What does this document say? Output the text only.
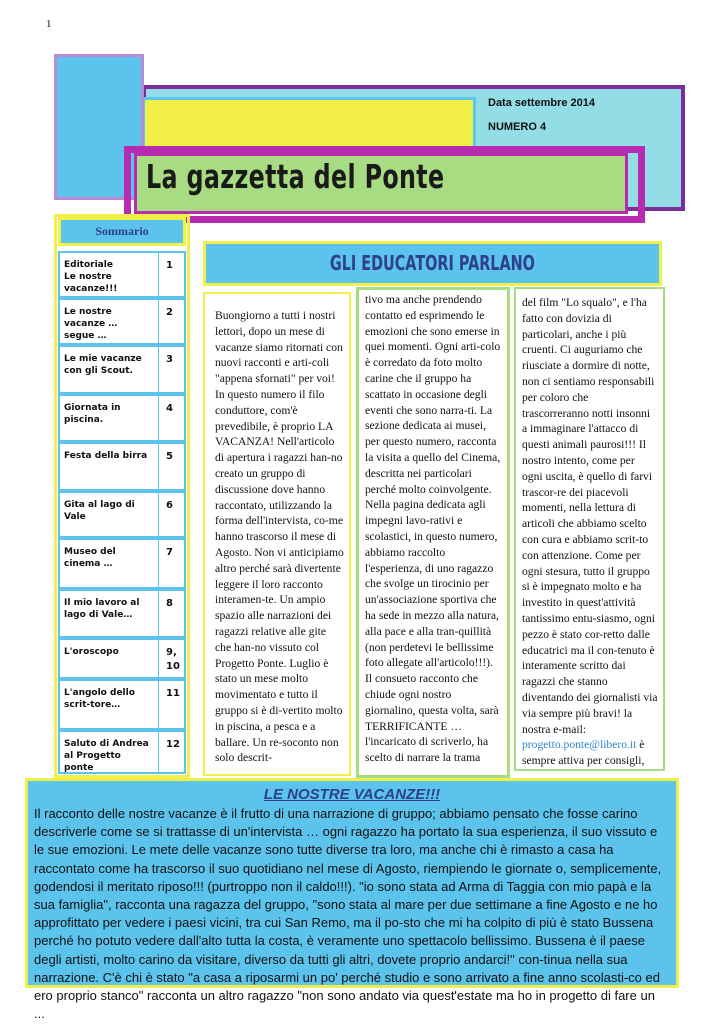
1
La gazzetta del Ponte
Data settembre 2014
NUMERO 4
Sommario
Editoriale
Le nostre vacanze!!!
1
Le nostre vacanze …
segue …
2
Le mie vacanze con gli Scout.
3
Giornata in piscina.
4
Festa della birra 5
Gita al lago di Vale
6
Museo del cinema …
7
Il mio lavoro al lago di Vale…
8
L'oroscopo	9,
10
L'angolo dello scrit-tore…
11
Saluto di Andrea al Progetto ponte
12
GLI EDUCATORI PARLANO
Buongiorno a tutti i nostri lettori, dopo un mese di vacanze siamo ritornati con nuovi racconti e arti-coli "appena sfornati" per voi! In questo numero il filo conduttore, com'è prevedibile, è proprio LA VACANZA! Nell'articolo di apertura i ragazzi han-no creato un gruppo di discussione dove hanno raccontato, utilizzando la forma dell'intervista, co-me hanno trascorso il mese di Agosto. Non vi anticipiamo altro perché sarà divertente leggere il loro racconto interamen-te. Un ampio spazio alle narrazioni dei ragazzi relative alle gite che han-no vissuto col Progetto Ponte. Luglio è stato un mese molto movimentato e tutto il gruppo si è di-vertito molto in piscina, a pesca e a ballare. Un re-soconto non solo descrit-
tivo ma anche prendendo contatto ed esprimendo le emozioni che sono emerse in quei momenti. Ogni arti-colo è corredato da foto molto carine che il gruppo ha scattato in occasione degli eventi che sono narra-ti. La sezione dedicata ai musei, per questo numero, racconta la visita a quello del Cinema, descritta nei particolari perché molto coinvolgente. Nella pagina dedicata agli impegni lavo-rativi e scolastici, in questo numero, abbiamo raccolto l'esperienza, di uno ragazzo che svolge un tirocinio per un'associazione sportiva che ha sede in mezzo alla natura, alla pace e alla tran-quillità (non perdetevi le bellissime foto allegate all'articolo!!!). Il consueto racconto che chiude ogni nostro giornalino, questa volta, sarà TERRIFICANTE … l'incaricato di scriverlo, ha scelto di narrare la trama
del film "Lo squalo", e l'ha fatto con dovizia di particolari, anche i più cruenti. Ci auguriamo che riusciate a dormire di notte, non ci sentiamo responsabili per coloro che trascorreranno notti insonni a immaginare l'attacco di questi animali paurosi!!! Il nostro intento, come per ogni uscita, è quello di farvi trascor-re dei piacevoli momenti, nella lettura di articoli che abbiamo scelto con cura e abbiamo scrit-to con attenzione. Come per ogni stesura, tutto il gruppo si è impegnato molto e ha investito in quest'attività tantissimo entu-siasmo, ogni pezzo è stato cor-retto dalle educatrici ma il con-tenuto è interamente scritto dai ragazzi che stanno diventando dei giornalisti via via sempre più bravi! la nostra e-mail: progetto.ponte@libero.it è sempre attiva per consigli,
LE NOSTRE VACANZE!!!
Il racconto delle nostre vacanze è il frutto di una narrazione di gruppo; abbiamo pensato che fosse carino descriverle come se si trattasse di un'intervista … ogni ragazzo ha portato la sua esperienza, il suo vissuto e le sue emozioni. Le mete delle vacanze sono tutte diverse tra loro, ma anche chi è rimasto a casa ha raccontato come ha trascorso il suo quotidiano nel mese di Agosto, riempiendo le giornate o, semplicemente, godendosi il meritato riposo!!! (purtroppo non il caldo!!!). "io sono stata ad Arma di Taggia con mio papà e la sua famiglia", racconta una ragazza del gruppo, "sono stata al mare per due settimane a fine Agosto e ne ho approfittato per vedere i paesi vicini, tra cui San Remo, ma il po-sto che mi ha colpito di più è stato Bussena perché ho potuto vedere dall'alto tutta la costa, è veramente uno spettacolo bellissimo. Bussena è il paese degli artisti, molto carino da visitare, diverso da tutti gli altri, dovete proprio andarci!" con-tinua nella sua narrazione. C'è chi è stato "a casa a riposarmi un po' perché studio e sono arrivato a fine anno scolasti-co ed ero proprio stanco" racconta un altro ragazzo "non sono andato via quest'estate ma ho in progetto di fare un ...
